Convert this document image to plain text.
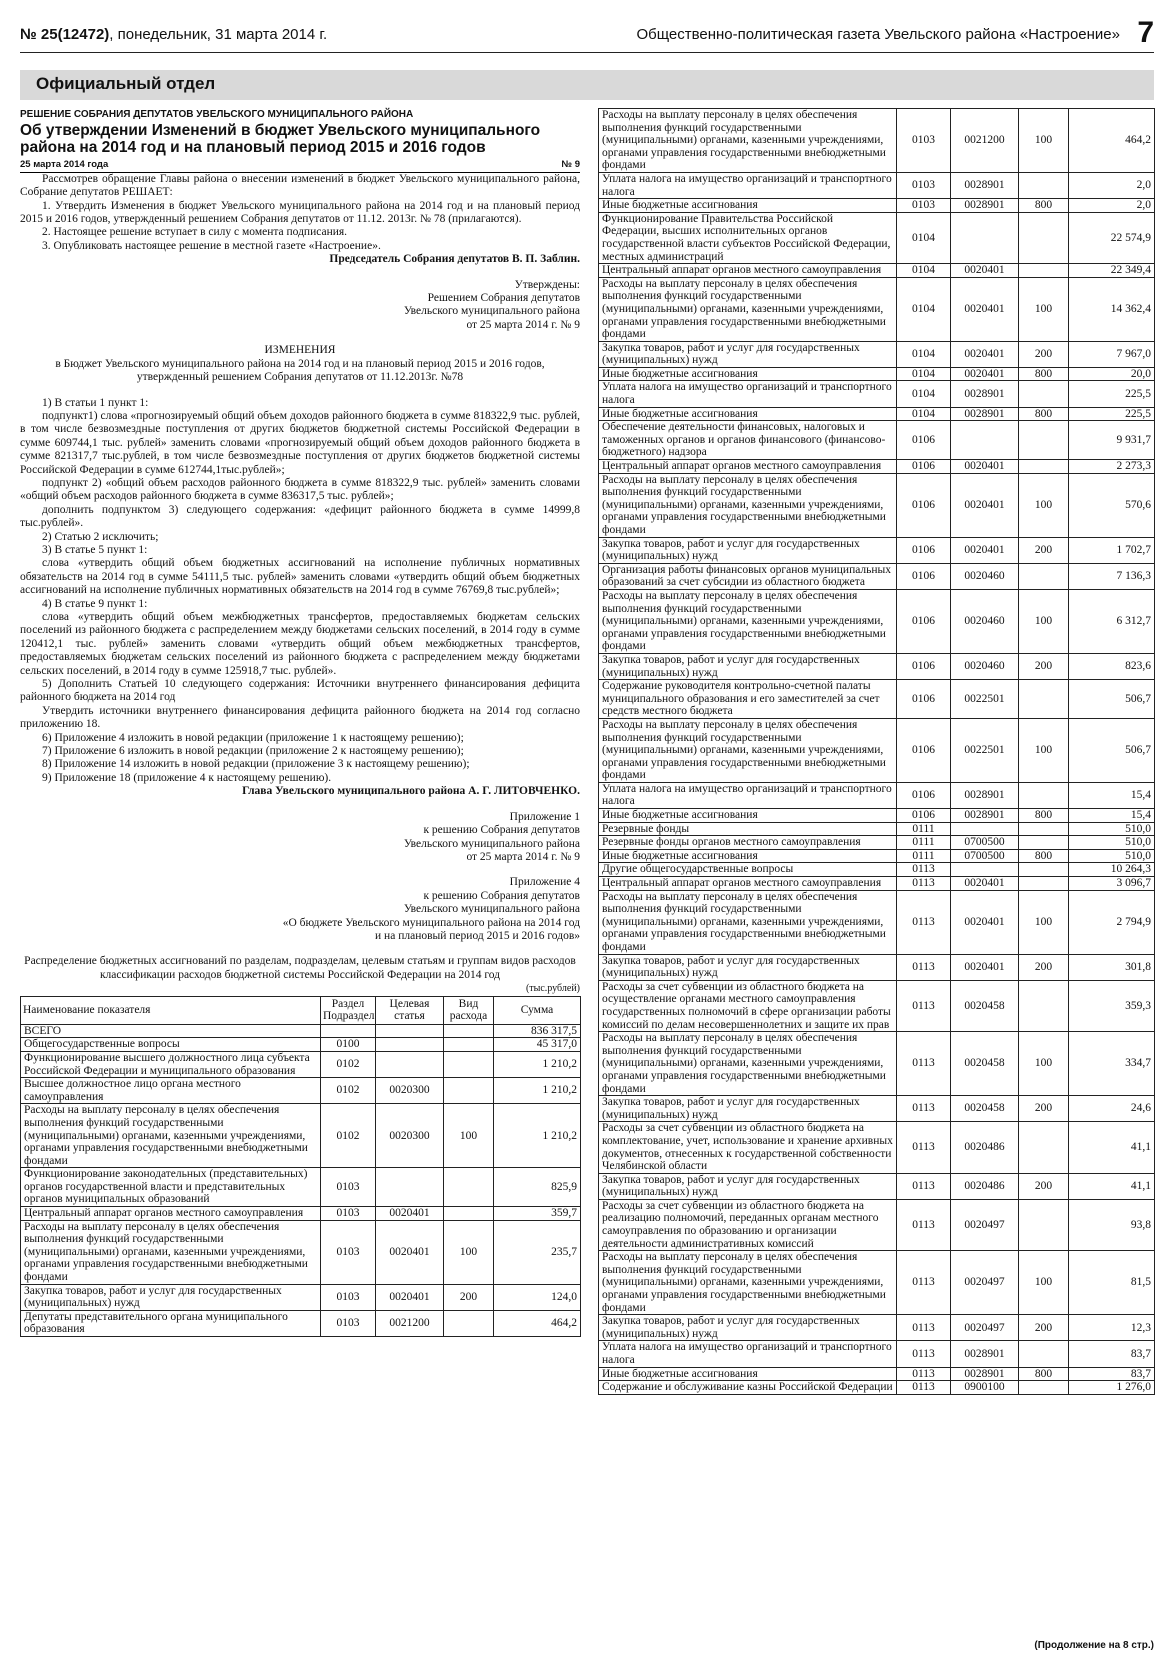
№ 25(12472), понедельник, 31 марта 2014 г.	Общественно-политическая газета Увельского района «Настроение» 7
Официальный отдел
РЕШЕНИЕ СОБРАНИЯ ДЕПУТАТОВ УВЕЛЬСКОГО МУНИЦИПАЛЬНОГО РАЙОНА
Об утверждении Изменений в бюджет Увельского муниципального района на 2014 год и на плановый период 2015 и 2016 годов
25 марта 2014 года	№ 9

Рассмотрев обращение Главы района о внесении изменений в бюджет Увельского муниципального района, Собрание депутатов РЕШАЕТ:

1. Утвердить Изменения в бюджет Увельского муниципального района на 2014 год и на плановый период 2015 и 2016 годов, утвержденный решением Собрания депутатов от 11.12. 2013г. № 78 (прилагаются).

2. Настоящее решение вступает в силу с момента подписания.

3. Опубликовать настоящее решение в местной газете «Настроение».

Председатель Собрания депутатов В. П. Заблин.

Утверждены:

Решением Собрания депутатов

Увельского муниципального района

от 25 марта 2014 г. № 9

ИЗМЕНЕНИЯ

в Бюджет Увельского муниципального района на 2014 год и на плановый период 2015 и 2016 годов, утвержденный решением Собрания депутатов от 11.12.2013г. №78

1) В статьи 1 пункт 1:

подпункт1) слова «прогнозируемый общий объем доходов районного бюджета в сумме 818322,9 тыс. рублей, в том числе безвозмездные поступления от других бюджетов бюджетной системы Российской Федерации в сумме 609744,1 тыс. рублей» заменить словами «прогнозируемый общий объем доходов районного бюджета в сумме 821317,7 тыс.рублей, в том числе безвозмездные поступления от других бюджетов бюджетной системы Российской Федерации в сумме 612744,1тыс.рублей»;

подпункт 2) «общий объем расходов районного бюджета в сумме 818322,9 тыс. рублей» заменить словами «общий объем расходов районного бюджета в сумме 836317,5 тыс. рублей»;

дополнить подпунктом 3) следующего содержания: «дефицит районного бюджета в сумме 14999,8 тыс.рублей».

2) Статью 2 исключить;

3) В статье 5 пункт 1:

слова «утвердить общий объем бюджетных ассигнований на исполнение публичных нормативных обязательств на 2014 год в сумме 54111,5 тыс. рублей» заменить словами «утвердить общий объем бюджетных ассигнований на исполнение публичных нормативных обязательств на 2014 год в сумме 76769,8 тыс.рублей»;

4) В статье 9 пункт 1:

слова «утвердить общий объем межбюджетных трансфертов, предоставляемых бюджетам сельских поселений из районного бюджета с распределением между бюджетами сельских поселений, в 2014 году в сумме 120412,1 тыс. рублей» заменить словами «утвердить общий объем межбюджетных трансфертов, предоставляемых бюджетам сельских поселений из районного бюджета с распределением между бюджетами сельских поселений, в 2014 году в сумме 125918,7 тыс. рублей».

5) Дополнить Статьей 10 следующего содержания: Источники внутреннего финансирования дефицита районного бюджета на 2014 год

Утвердить источники внутреннего финансирования дефицита районного бюджета на 2014 год согласно приложению 18.

6) Приложение 4 изложить в новой редакции (приложение 1 к настоящему решению);

7) Приложение 6 изложить в новой редакции (приложение 2 к настоящему решению);

8) Приложение 14 изложить в новой редакции (приложение 3 к настоящему решению);

9) Приложение 18 (приложение 4 к настоящему решению).

Глава Увельского муниципального района А. Г. ЛИТОВЧЕНКО.

Приложение 1

к решению Собрания депутатов

Увельского муниципального района

от 25 марта 2014 г. № 9

Приложение 4

к решению Собрания депутатов

Увельского муниципального района

«О бюджете Увельского муниципального района на 2014 год

и на плановый период 2015 и 2016 годов»

Распределение бюджетных ассигнований по разделам, подразделам, целевым статьям и группам видов расходов классификации расходов бюджетной системы Российской Федерации на 2014 год

(тыс.рублей)

Наименование показателя	Раздел Подраздел	Целевая статья	Вид расхода	Сумма
ВСЕГО				836 317,5
Общегосударственные вопросы	0100			45 317,0
Функционирование высшего должностного лица субъекта Российской Федерации и муниципального образования	0102			1 210,2
Высшее должностное лицо органа местного самоуправления	0102	0020300		1 210,2
Расходы на выплату персоналу в целях обеспечения выполнения функций государственными (муниципальными) органами, казенными учреждениями, органами управления государственными внебюджетными фондами	0102	0020300	100	1 210,2
Функционирование законодательных (представительных) органов государственной власти и представительных органов муниципальных образований	0103			825,9
Центральный аппарат органов местного самоуправления	0103	0020401		359,7
Расходы на выплату персоналу в целях обеспечения выполнения функций государственными (муниципальными) органами, казенными учреждениями, органами управления государственными внебюджетными фондами	0103	0020401	100	235,7
Закупка товаров, работ и услуг для государственных (муниципальных) нужд	0103	0020401	200	124,0
Депутаты представительного органа муниципального образования	0103	0021200		464,2
Расходы на выплату персоналу в целях обеспечения выполнения функций государственными (муниципальными) органами, казенными учреждениями, органами управления государственными внебюджетными фондами	0103	0021200	100	464,2
Уплата налога на имущество организаций и транспортного налога	0103	0028901		2,0
Иные бюджетные ассигнования	0103	0028901	800	2,0
Функционирование Правительства Российской Федерации, высших исполнительных органов государственной власти субъектов Российской Федерации, местных администраций	0104			22 574,9
Центральный аппарат органов местного самоуправления	0104	0020401		22 349,4
Расходы на выплату персоналу в целях обеспечения выполнения функций государственными (муниципальными) органами, казенными учреждениями, органами управления государственными внебюджетными фондами	0104	0020401	100	14 362,4
Закупка товаров, работ и услуг для государственных (муниципальных) нужд	0104	0020401	200	7 967,0
Иные бюджетные ассигнования	0104	0020401	800	20,0
Уплата налога на имущество организаций и транспортного налога	0104	0028901		225,5
Иные бюджетные ассигнования	0104	0028901	800	225,5
Обеспечение деятельности финансовых, налоговых и таможенных органов и органов финансового (финансово-бюджетного) надзора	0106			9 931,7
Центральный аппарат органов местного самоуправления	0106	0020401		2 273,3
Расходы на выплату персоналу в целях обеспечения выполнения функций государственными (муниципальными) органами, казенными учреждениями, органами управления государственными внебюджетными фондами	0106	0020401	100	570,6
Закупка товаров, работ и услуг для государственных (муниципальных) нужд	0106	0020401	200	1 702,7
Организация работы финансовых органов муниципальных образований за счет субсидии из областного бюджета	0106	0020460		7 136,3
Расходы на выплату персоналу в целях обеспечения выполнения функций государственными (муниципальными) органами, казенными учреждениями, органами управления государственными внебюджетными фондами	0106	0020460	100	6 312,7
Закупка товаров, работ и услуг для государственных (муниципальных) нужд	0106	0020460	200	823,6
Содержание руководителя контрольно-счетной палаты муниципального образования и его заместителей за счет средств местного бюджета	0106	0022501		506,7
Расходы на выплату персоналу в целях обеспечения выполнения функций государственными (муниципальными) органами, казенными учреждениями, органами управления государственными внебюджетными фондами	0106	0022501	100	506,7
Уплата налога на имущество организаций и транспортного налога	0106	0028901		15,4
Иные бюджетные ассигнования	0106	0028901	800	15,4
Резервные фонды	0111			510,0
Резервные фонды органов местного самоуправления	0111	0700500		510,0
Иные бюджетные ассигнования	0111	0700500	800	510,0
Другие общегосударственные вопросы	0113			10 264,3
Центральный аппарат органов местного самоуправления	0113	0020401		3 096,7
Расходы на выплату персоналу в целях обеспечения выполнения функций государственными (муниципальными) органами, казенными учреждениями, органами управления государственными внебюджетными фондами	0113	0020401	100	2 794,9
Закупка товаров, работ и услуг для государственных (муниципальных) нужд	0113	0020401	200	301,8
Расходы за счет субвенции из областного бюджета на осуществление органами местного самоуправления государственных полномочий в сфере организации работы комиссий по делам несовершеннолетних и защите их прав	0113	0020458		359,3
Расходы на выплату персоналу в целях обеспечения выполнения функций государственными (муниципальными) органами, казенными учреждениями, органами управления государственными внебюджетными фондами	0113	0020458	100	334,7
Закупка товаров, работ и услуг для государственных (муниципальных) нужд	0113	0020458	200	24,6
Расходы за счет субвенции из областного бюджета на комплектование, учет, использование и хранение архивных документов, отнесенных к государственной собственности Челябинской области	0113	0020486		41,1
Закупка товаров, работ и услуг для государственных (муниципальных) нужд	0113	0020486	200	41,1
Расходы за счет субвенции из областного бюджета на реализацию полномочий, переданных органам местного самоуправления по образованию и организации деятельности административных комиссий	0113	0020497		93,8
Расходы на выплату персоналу в целях обеспечения выполнения функций государственными (муниципальными) органами, казенными учреждениями, органами управления государственными внебюджетными фондами	0113	0020497	100	81,5
Закупка товаров, работ и услуг для государственных (муниципальных) нужд	0113	0020497	200	12,3
Уплата налога на имущество организаций и транспортного налога	0113	0028901		83,7
Иные бюджетные ассигнования	0113	0028901	800	83,7
Содержание и обслуживание казны Российской Федерации	0113	0900100		1 276,0
(Продолжение на 8 стр.)
